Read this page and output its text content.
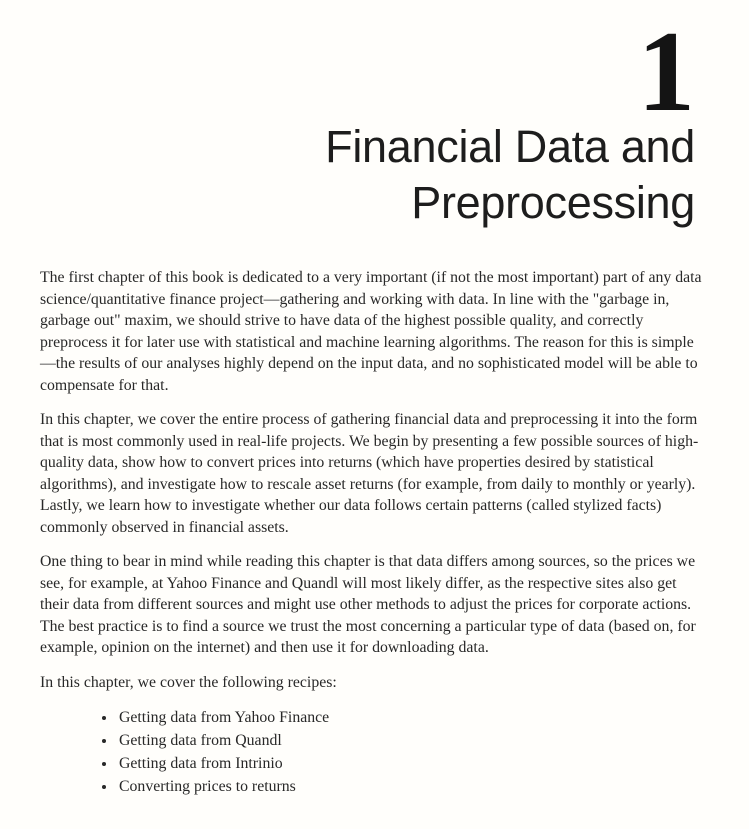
1
Financial Data and
Preprocessing

The first chapter of this book is dedicated to a very important (if not the most important) part of any data science/quantitative finance project—gathering and working with data. In line with the "garbage in, garbage out" maxim, we should strive to have data of the highest possible quality, and correctly preprocess it for later use with statistical and machine learning algorithms. The reason for this is simple—the results of our analyses highly depend on the input data, and no sophisticated model will be able to compensate for that.

In this chapter, we cover the entire process of gathering financial data and preprocessing it into the form that is most commonly used in real-life projects. We begin by presenting a few possible sources of high-quality data, show how to convert prices into returns (which have properties desired by statistical algorithms), and investigate how to rescale asset returns (for example, from daily to monthly or yearly). Lastly, we learn how to investigate whether our data follows certain patterns (called stylized facts) commonly observed in financial assets.

One thing to bear in mind while reading this chapter is that data differs among sources, so the prices we see, for example, at Yahoo Finance and Quandl will most likely differ, as the respective sites also get their data from different sources and might use other methods to adjust the prices for corporate actions. The best practice is to find a source we trust the most concerning a particular type of data (based on, for example, opinion on the internet) and then use it for downloading data.

In this chapter, we cover the following recipes:

• Getting data from Yahoo Finance
• Getting data from Quandl
• Getting data from Intrinio
• Converting prices to returns
